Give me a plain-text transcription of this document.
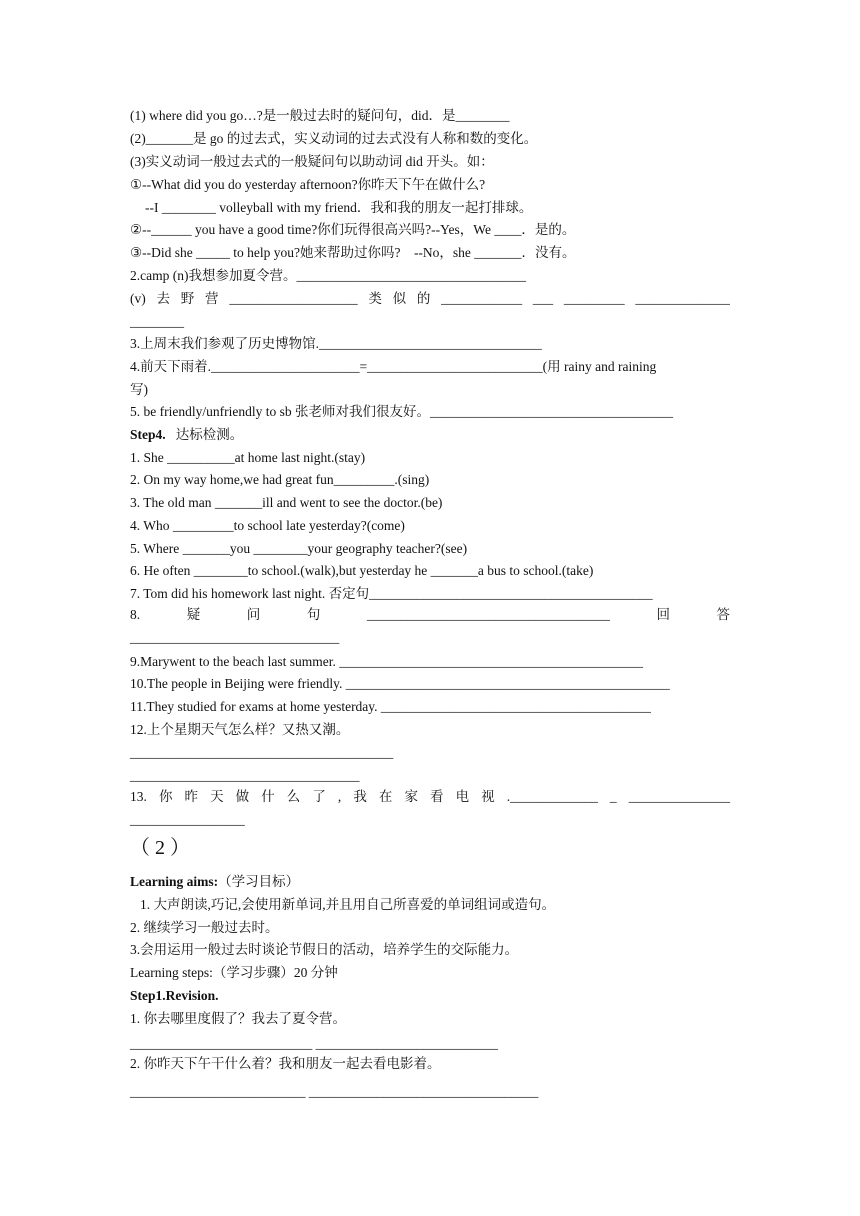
(1) where did you go…?是一般过去时的疑问句，did．是________
(2)_______是 go 的过去式，实义动词的过去式没有人称和数的变化。
(3)实义动词一般过去式的一般疑问句以助动词 did 开头。如：
①--What did you do yesterday afternoon?你昨天下午在做什么?
--I ________ volleyball with my friend．我和我的朋友一起打排球。
②--______ you have a good time?你们玩得很高兴吗?--Yes，We ____．是的。
③--Did she _____ to help you?她来帮助过你吗?　--No，she _______．没有。
2.camp (n)我想参加夏令营。__________________________________
(v) 去 野 营 ___________________ 类 似 的 ____________ ___ _________ ______________
________
3.上周末我们参观了历史博物馆._________________________________
4.前天下雨着.______________________=__________________________(用 rainy and raining
写)
5. be friendly/unfriendly to sb 张老师对我们很友好。____________________________________
Step4. 达标检测。
1. She __________at home last night.(stay)
2. On my way home,we had great fun_________.(sing)
3. The old man _______ill and went to see the doctor.(be)
4. Who _________to school late yesterday?(come)
5. Where _______you ________your geography teacher?(see)
6. He often ________to school.(walk),but yesterday he _______a bus to school.(take)
7. Tom did his homework last night. 否定句__________________________________________
8.	疑	问	句	____________________________________	回	答
_______________________________
9.Marywent to the beach last summer. _____________________________________________
10.The people in Beijing were friendly. ________________________________________________
11.They studied for exams at home yesterday. ________________________________________
12.上个星期天气怎么样？又热又潮。
_______________________________________
__________________________________
13. 你 昨 天 做 什 么 了 , 我 在 家 看 电 视 ._____________ _ _______________
_________________
（ 2 ）
Learning aims:（学习目标）
1. 大声朗读,巧记,会使用新单词,并且用自己所喜爱的单词组词或造句。
2. 继续学习一般过去时。
3.会用运用一般过去时谈论节假日的活动，培养学生的交际能力。
Learning steps:（学习步骤）20 分钟
Step1.Revision.
1. 你去哪里度假了？我去了夏令营。
___________________________ ___________________________
2. 你昨天下午干什么着？我和朋友一起去看电影着。
__________________________ __________________________________
